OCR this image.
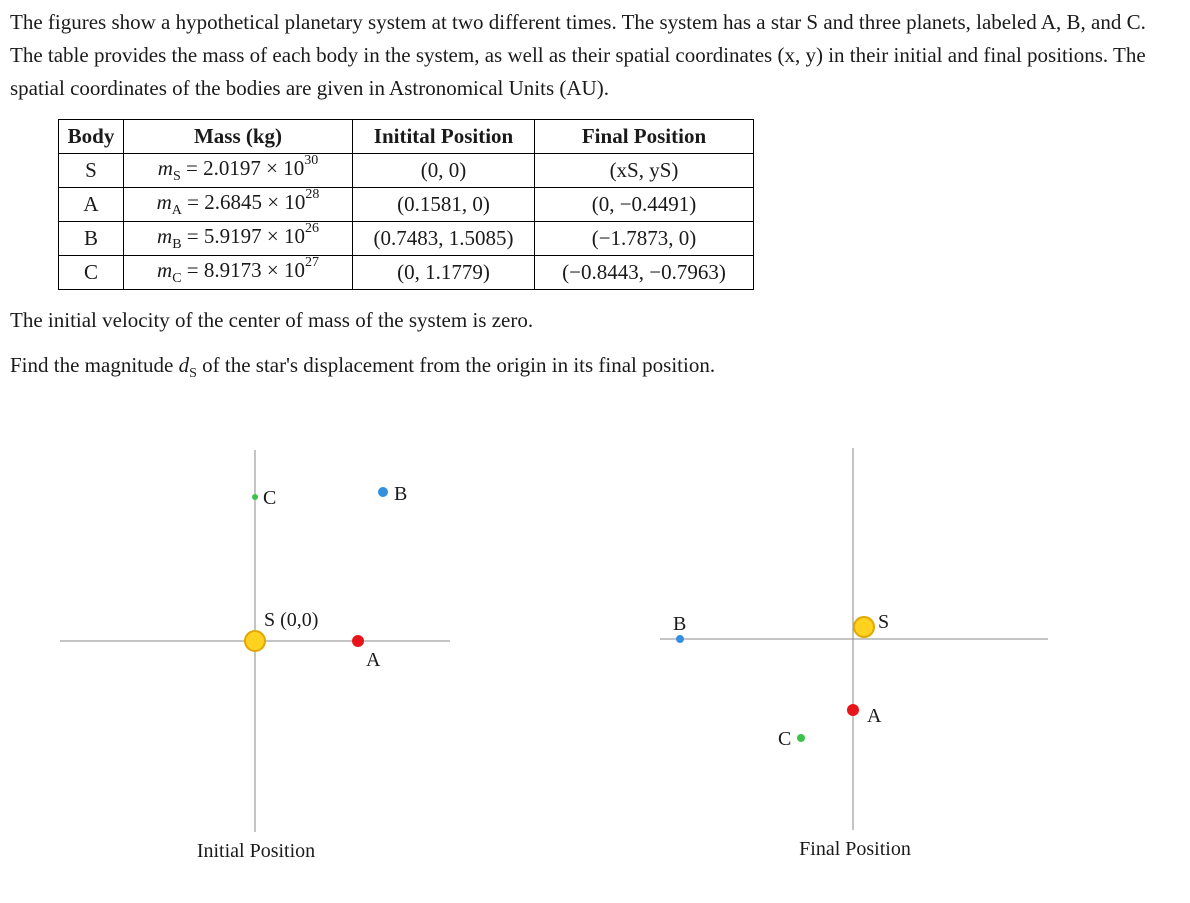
The figures show a hypothetical planetary system at two different times. The system has a star S and three planets, labeled A, B, and C. The table provides the mass of each body in the system, as well as their spatial coordinates (x, y) in their initial and final positions. The spatial coordinates of the bodies are given in Astronomical Units (AU).

Body	Mass (kg)	Initital Position	Final Position
S	$m_S = 2.0197 \times 10^{30}$	(0, 0)	(xS, yS)
A	$m_A = 2.6845 \times 10^{28}$	(0.1581, 0)	(0, −0.4491)
B	$m_B = 5.9197 \times 10^{26}$	(0.7483, 1.5085)	(−1.7873, 0)
C	$m_C = 8.9173 \times 10^{27}$	(0, 1.1779)	(−0.8443, −0.7963)

The initial velocity of the center of mass of the system is zero.

Find the magnitude $d_S$ of the star's displacement from the origin in its final position.

S (0,0)
A
B
C
Initial Position
S
A
B
C
Final Position
